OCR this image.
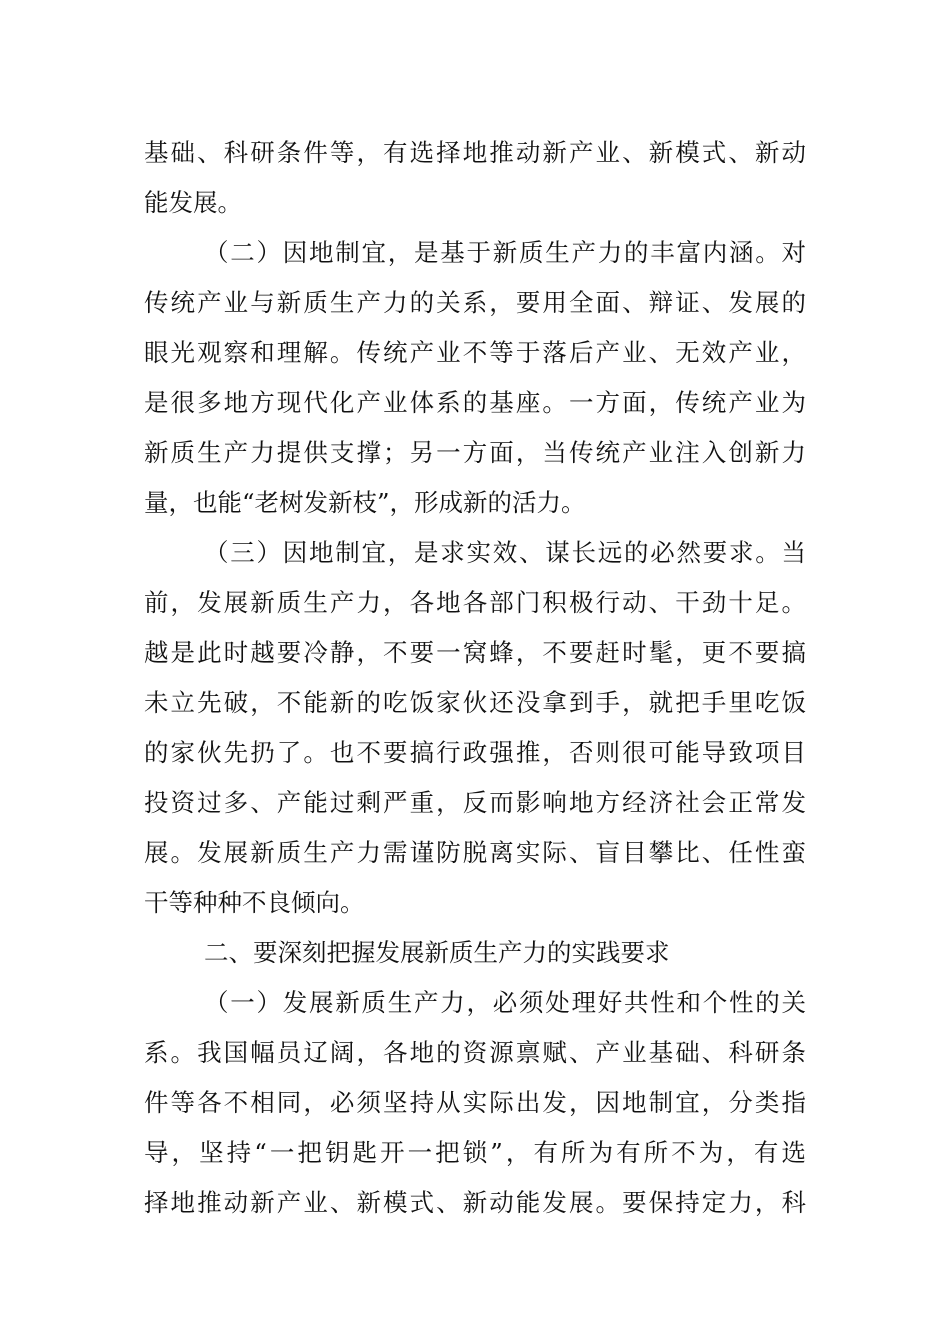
基础、科研条件等，有选择地推动新产业、新模式、新动
能发展。
（二）因地制宜，是基于新质生产力的丰富内涵。对
传统产业与新质生产力的关系，要用全面、辩证、发展的
眼光观察和理解。传统产业不等于落后产业、无效产业，
是很多地方现代化产业体系的基座。一方面，传统产业为
新质生产力提供支撑；另一方面，当传统产业注入创新力
量，也能“老树发新枝”，形成新的活力。
（三）因地制宜，是求实效、谋长远的必然要求。当
前，发展新质生产力，各地各部门积极行动、干劲十足。
越是此时越要冷静，不要一窝蜂，不要赶时髦，更不要搞
未立先破，不能新的吃饭家伙还没拿到手，就把手里吃饭
的家伙先扔了。也不要搞行政强推，否则很可能导致项目
投资过多、产能过剩严重，反而影响地方经济社会正常发
展。发展新质生产力需谨防脱离实际、盲目攀比、任性蛮
干等种种不良倾向。
二、要深刻把握发展新质生产力的实践要求
（一）发展新质生产力，必须处理好共性和个性的关
系。我国幅员辽阔，各地的资源禀赋、产业基础、科研条
件等各不相同，必须坚持从实际出发，因地制宜，分类指
导，坚持“一把钥匙开一把锁”，有所为有所不为，有选
择地推动新产业、新模式、新动能发展。要保持定力，科
